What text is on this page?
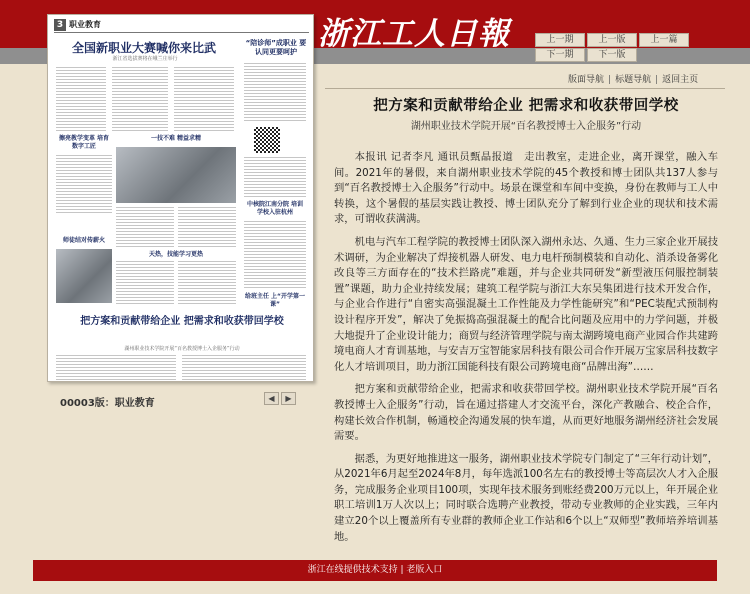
浙江工人日報	上一期	上一版	上一篇
下一期	下一版
3 职业教育
全国新职业大赛喊你来比武
浙江省选拔赛将在峨兰庄举行
“陪诊师”成职业 要认同更要呵护
擦亮教学变革 培育数字工匠
一技不难 精益求精
中核院江南分院 培训学校入驻杭州
师徒结对传薪火
天热，技能学习更热
给班主任 上“开学第一课”
把方案和贡献带给企业 把需求和收获带回学校
湖州职业技术学院开展“百名教授博士入企服务”行动
00003版：职业教育	◀	▶
版面导航 | 标题导航 | 返回主页
把方案和贡献带给企业 把需求和收获带回学校
湖州职业技术学院开展“百名教授博士入企服务”行动

本报讯 记者李凡 通讯员甄晶报道　走出教室，走进企业，离开课堂，融入车间。2021年的暑假，来自湖州职业技术学院的45个教授和博士团队共137人参与到“百名教授博士入企服务”行动中。场景在课堂和车间中变换，身份在教师与工人中转换，这个暑假的基层实践让教授、博士团队充分了解到行业企业的现状和技术需求，可谓收获满满。

机电与汽车工程学院的教授博士团队深入湖州永达、久通、生力三家企业开展技术调研，为企业解决了焊接机器人研发、电力电杆预制模装和自动化、消杀设备雾化改良等三方面存在的“技术拦路虎”难题，并与企业共同研发“新型液压伺服控制装置”课题，助力企业持续发展；建筑工程学院与浙江大东吴集团进行技术开发合作，与企业合作进行“自密实高强混凝土工作性能及力学性能研究”和“PEC装配式预制构设计程序开发”，解决了免振捣高强混凝土的配合比问题及应用中的力学问题，并极大地提升了企业设计能力；商贸与经济管理学院与南太湖跨境电商产业园合作共建跨境电商人才育训基地，与安吉万宝智能家居科技有限公司合作开展万宝家居科技数字化人才培训项目，助力浙江国能科技有限公司跨境电商“品牌出海”……

把方案和贡献带给企业，把需求和收获带回学校。湖州职业技术学院开展“百名教授博士入企服务”行动，旨在通过搭建人才交流平台，深化产教融合、校企合作，构建长效合作机制，畅通校企沟通发展的快车道，从而更好地服务湖州经济社会发展需要。

据悉，为更好地推进这一服务，湖州职业技术学院专门制定了“三年行动计划”，从2021年6月起至2024年8月，每年选派100名左右的教授博士等高层次人才入企服务，完成服务企业项目100项，实现年技术服务到账经费200万元以上，年开展企业职工培训1万人次以上；同时联合选聘产业教授，带动专业教师的企业实践，三年内建立20个以上覆盖所有专业群的教师企业工作站和6个以上“双师型”教师培养培训基地。

浙江在线提供技术支持 | 老版入口
